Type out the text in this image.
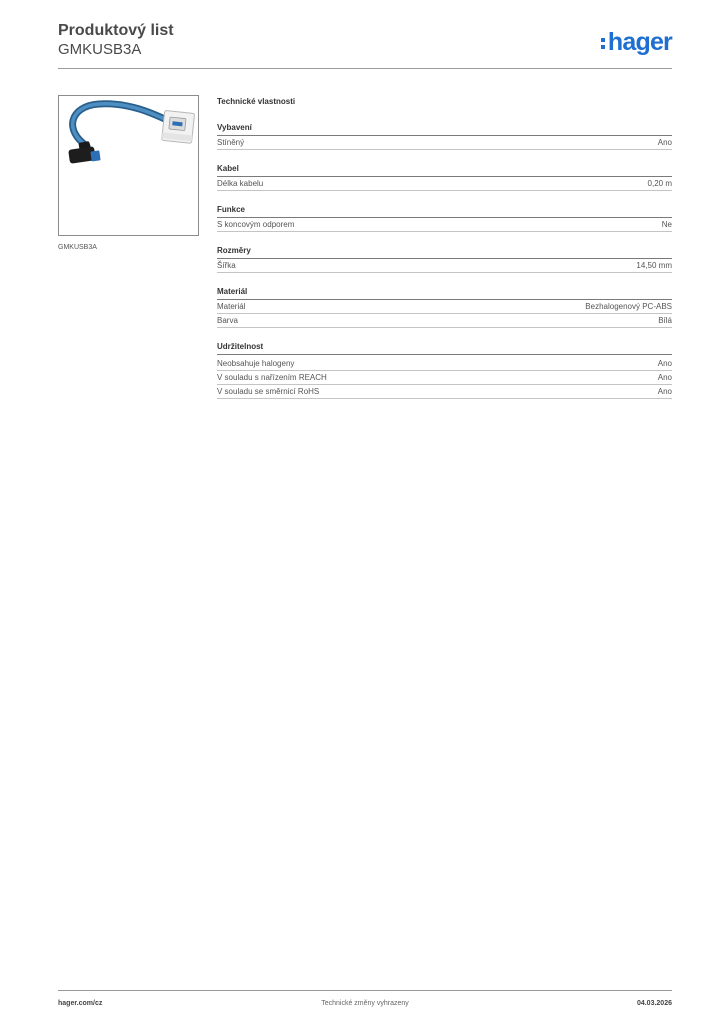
Produktový list
GMKUSB3A	hager
GMKUSB3A
Technické vlastnosti
Vybavení
Stíněný	Ano
Kabel
Délka kabelu	0,20 m
Funkce
S koncovým odporem	Ne
Rozměry
Šířka	14,50 mm
Materiál
Materiál	Bezhalogenový PC-ABS
Barva	Bílá
Udržitelnost
Neobsahuje halogeny	Ano
V souladu s nařízením REACH	Ano
V souladu se směrnicí RoHS	Ano
hager.com/cz	Technické změny vyhrazeny	04.03.2026
